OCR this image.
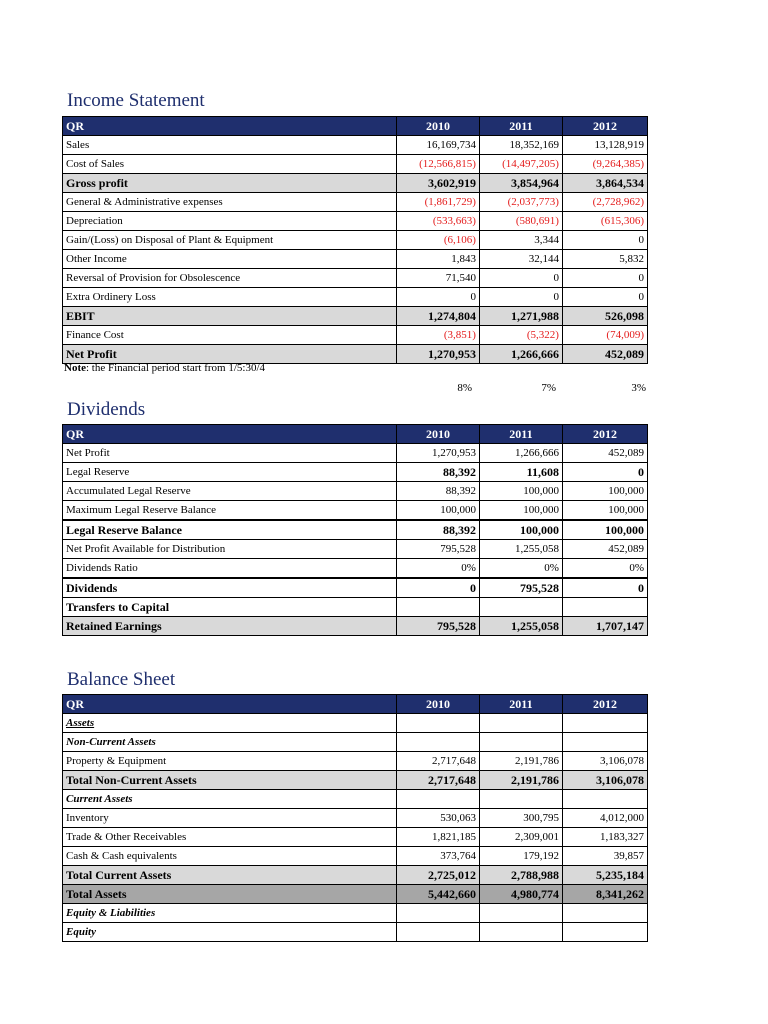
Income Statement
QR	2010	2011	2012
Sales	16,169,734	18,352,169	13,128,919
Cost of Sales	(12,566,815)	(14,497,205)	(9,264,385)
Gross profit	3,602,919	3,854,964	3,864,534
General & Administrative expenses	(1,861,729)	(2,037,773)	(2,728,962)
Depreciation	(533,663)	(580,691)	(615,306)
Gain/(Loss) on Disposal of Plant & Equipment	(6,106)	3,344	0
Other Income	1,843	32,144	5,832
Reversal of Provision for Obsolescence	71,540	0	0
Extra Ordinery Loss	0	0	0
EBIT	1,274,804	1,271,988	526,098
Finance Cost	(3,851)	(5,322)	(74,009)
Net Profit	1,270,953	1,266,666	452,089
Note: the Financial period start from 1/5:30/4
8%	7%	3%
Dividends
QR	2010	2011	2012
Net Profit	1,270,953	1,266,666	452,089
Legal Reserve	88,392	11,608	0
Accumulated Legal Reserve	88,392	100,000	100,000
Maximum Legal Reserve Balance	100,000	100,000	100,000
Legal Reserve Balance	88,392	100,000	100,000
Net Profit Available for Distribution	795,528	1,255,058	452,089
Dividends Ratio	0%	0%	0%
Dividends	0	795,528	0
Transfers to Capital			
Retained Earnings	795,528	1,255,058	1,707,147
Balance Sheet
QR	2010	2011	2012
Assets			
Non-Current Assets			
Property & Equipment	2,717,648	2,191,786	3,106,078
Total Non-Current Assets	2,717,648	2,191,786	3,106,078
Current Assets			
Inventory	530,063	300,795	4,012,000
Trade & Other Receivables	1,821,185	2,309,001	1,183,327
Cash & Cash equivalents	373,764	179,192	39,857
Total Current Assets	2,725,012	2,788,988	5,235,184
Total Assets	5,442,660	4,980,774	8,341,262
Equity & Liabilities			
Equity			
